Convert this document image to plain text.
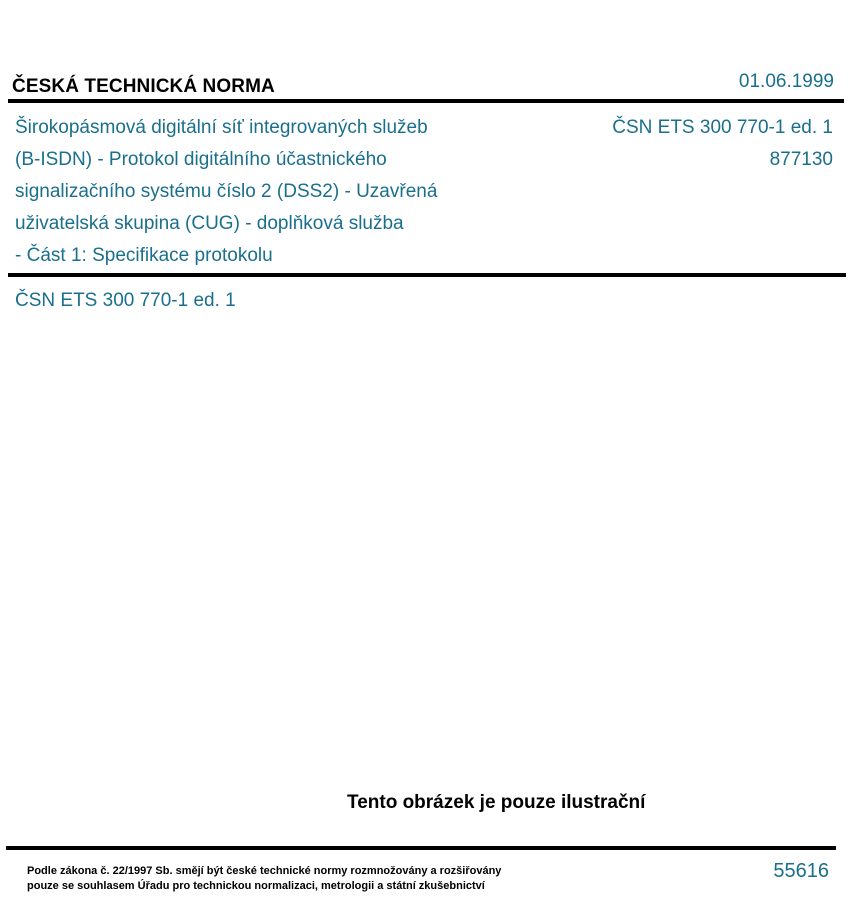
ČESKÁ TECHNICKÁ NORMA	01.06.1999
Širokopásmová digitální síť integrovaných služeb
(B-ISDN) - Protokol digitálního účastnického
signalizačního systému číslo 2 (DSS2) - Uzavřená
uživatelská skupina (CUG) - doplňková služba
- Část 1: Specifikace protokolu
ČSN ETS 300 770-1 ed. 1
877130
ČSN ETS 300 770-1 ed. 1
Tento obrázek je pouze ilustrační
Podle zákona č. 22/1997 Sb. smějí být české technické normy rozmnožovány a rozšiřovány
pouze se souhlasem Úřadu pro technickou normalizaci, metrologii a státní zkušebnictví
55616
